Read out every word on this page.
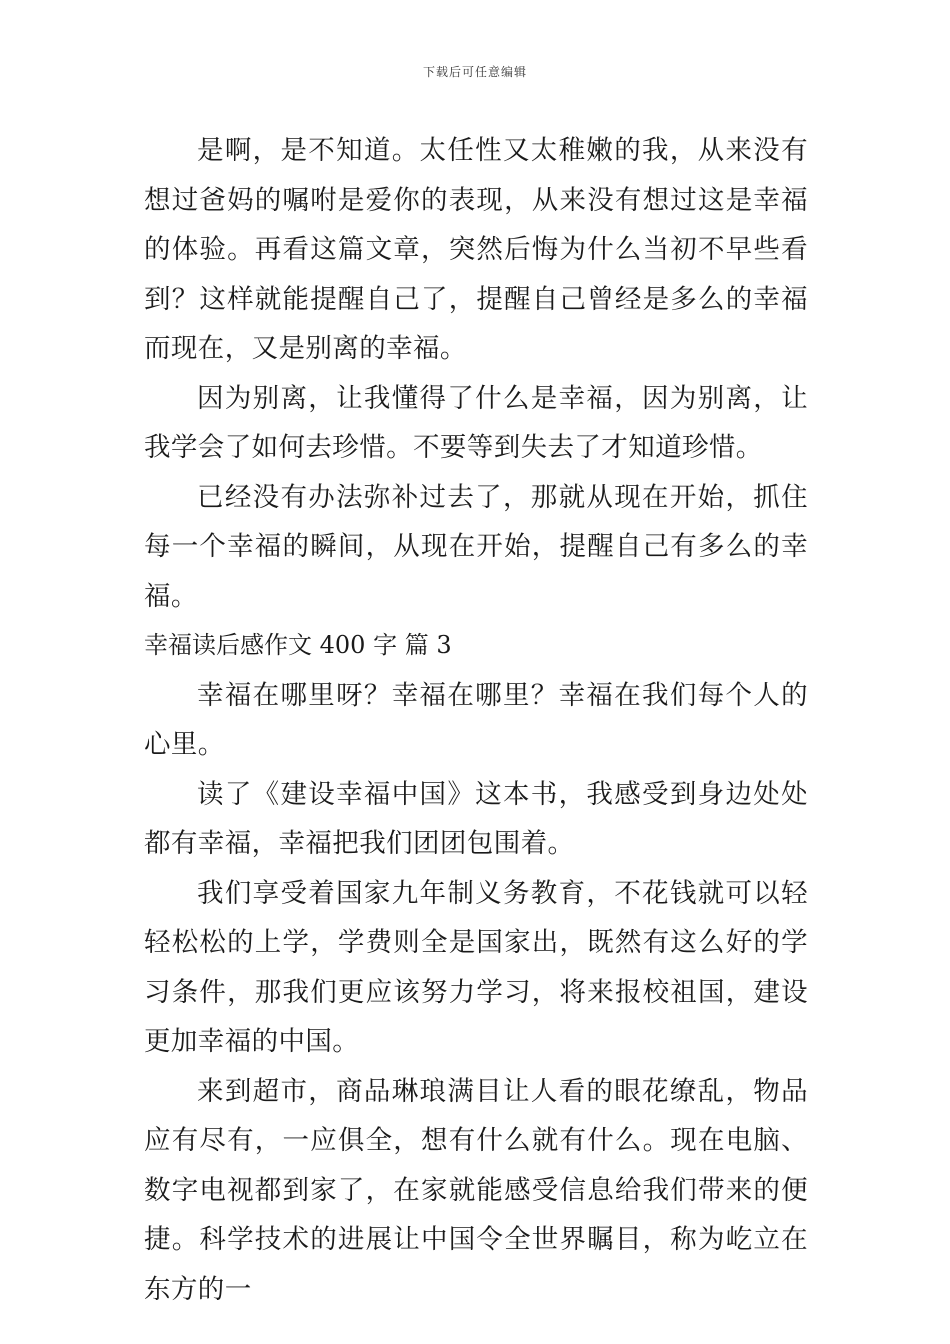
下载后可任意编辑

是啊，是不知道。太任性又太稚嫩的我，从来没有想过爸妈的嘱咐是爱你的表现，从来没有想过这是幸福的体验。再看这篇文章，突然后悔为什么当初不早些看到？这样就能提醒自己了，提醒自己曾经是多么的幸福而现在，又是别离的幸福。

因为别离，让我懂得了什么是幸福，因为别离，让我学会了如何去珍惜。不要等到失去了才知道珍惜。

已经没有办法弥补过去了，那就从现在开始，抓住每一个幸福的瞬间，从现在开始，提醒自己有多么的幸福。

幸福读后感作文 400 字 篇 3

幸福在哪里呀？幸福在哪里？幸福在我们每个人的心里。

读了《建设幸福中国》这本书，我感受到身边处处都有幸福，幸福把我们团团包围着。

我们享受着国家九年制义务教育，不花钱就可以轻轻松松的上学，学费则全是国家出，既然有这么好的学习条件，那我们更应该努力学习，将来报校祖国，建设更加幸福的中国。

来到超市，商品琳琅满目让人看的眼花缭乱，物品应有尽有，一应俱全，想有什么就有什么。现在电脑、数字电视都到家了，在家就能感受信息给我们带来的便捷。科学技术的进展让中国令全世界瞩目，称为屹立在东方的一
